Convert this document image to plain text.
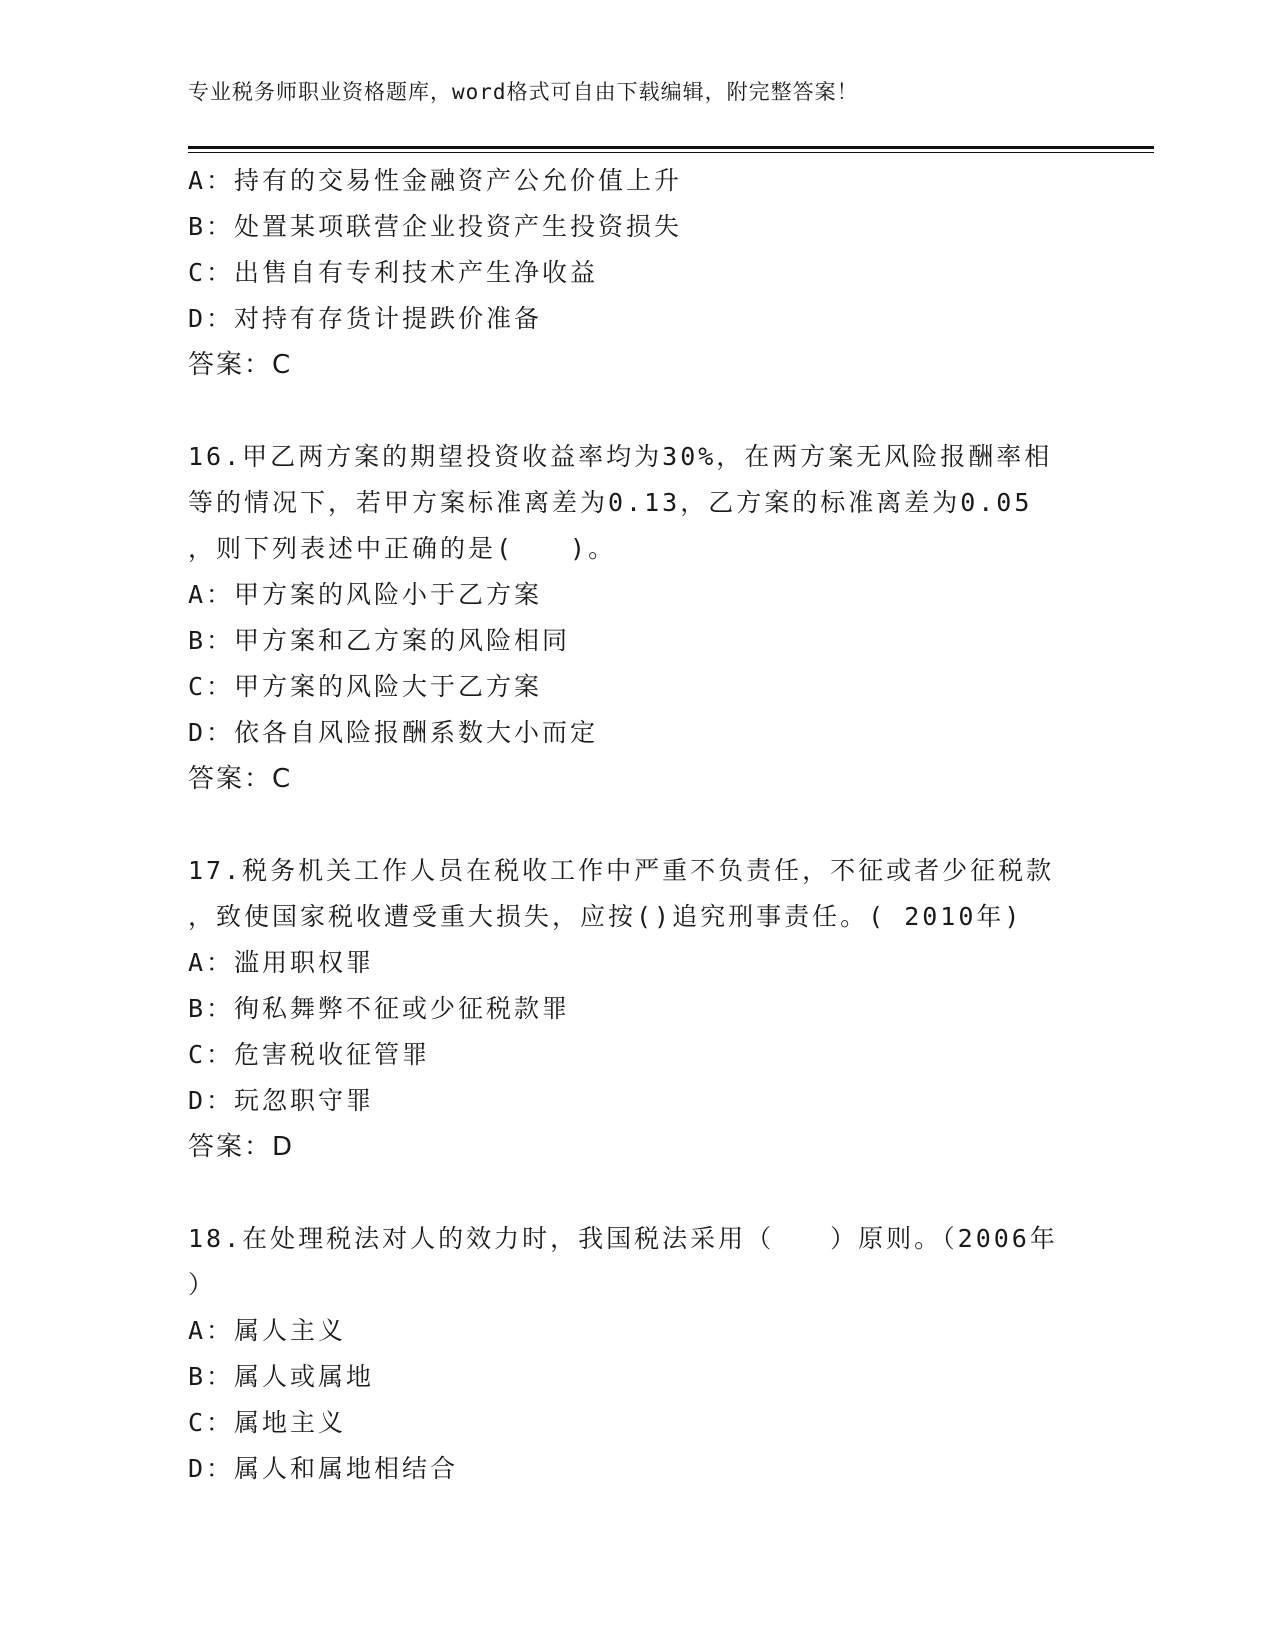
专业税务师职业资格题库，word格式可自由下载编辑，附完整答案！
A：持有的交易性金融资产公允价值上升
B：处置某项联营企业投资产生投资损失
C：出售自有专利技术产生净收益
D：对持有存货计提跌价准备
答案：C
16.甲乙两方案的期望投资收益率均为30%，在两方案无风险报酬率相
等的情况下，若甲方案标准离差为0.13，乙方案的标准离差为0.05
，则下列表述中正确的是(　　)。
A：甲方案的风险小于乙方案
B：甲方案和乙方案的风险相同
C：甲方案的风险大于乙方案
D：依各自风险报酬系数大小而定
答案：C
17.税务机关工作人员在税收工作中严重不负责任，不征或者少征税款
，致使国家税收遭受重大损失，应按()追究刑事责任。( 2010年)
A：滥用职权罪
B：徇私舞弊不征或少征税款罪
C：危害税收征管罪
D：玩忽职守罪
答案：D
18.在处理税法对人的效力时，我国税法采用（　　）原则。（2006年
）
A：属人主义
B：属人或属地
C：属地主义
D：属人和属地相结合
